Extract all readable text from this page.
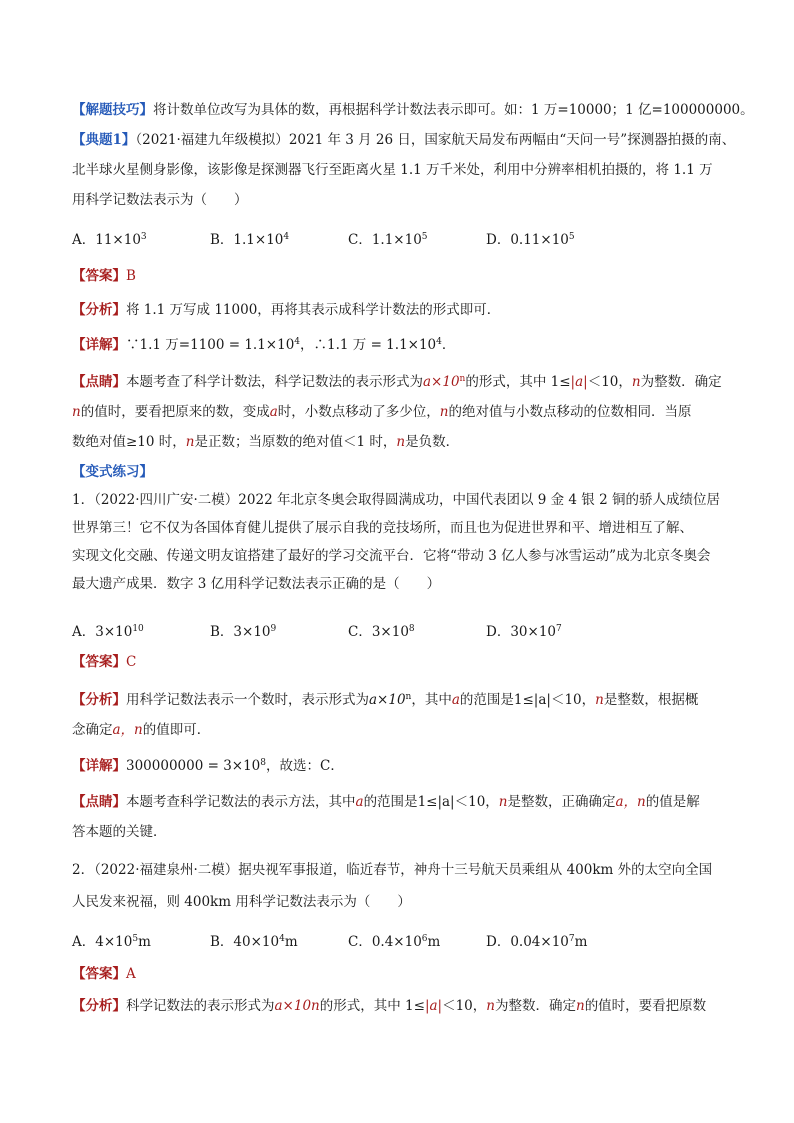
【解题技巧】将计数单位改写为具体的数，再根据科学计数法表示即可。如：1 万=10000；1 亿=100000000。
【典题1】（2021·福建九年级模拟）2021 年 3 月 26 日，国家航天局发布两幅由“天问一号”探测器拍摄的南、
北半球火星侧身影像，该影像是探测器飞行至距离火星 1.1 万千米处，利用中分辨率相机拍摄的，将 1.1 万
用科学记数法表示为（　　）
A．$11\times 10^3$	B．$1.1\times 10^4$	C．$1.1\times 10^5$	D．$0.11\times 10^5$
【答案】B
【分析】将 1.1 万写成 11000，再将其表示成科学计数法的形式即可．
【详解】∵1.1 万$=1100 = 1.1\times 10^4$，∴1.1 万 = $1.1\times 10^4$．
【点睛】本题考查了科学计数法，科学记数法的表示形式为$a\times 10^n$的形式，其中 1≤|a|＜10，n为整数．确定
n的值时，要看把原来的数，变成a时，小数点移动了多少位，n的绝对值与小数点移动的位数相同．当原
数绝对值≥10 时，n是正数；当原数的绝对值＜1 时，n是负数．
【变式练习】
1．（2022·四川广安·二模）2022 年北京冬奥会取得圆满成功，中国代表团以 9 金 4 银 2 铜的骄人成绩位居
世界第三！它不仅为各国体育健儿提供了展示自我的竞技场所，而且也为促进世界和平、增进相互了解、
实现文化交融、传递文明友谊搭建了最好的学习交流平台．它将“带动 3 亿人参与冰雪运动”成为北京冬奥会
最大遗产成果．数字 3 亿用科学记数法表示正确的是（　　）
A．$3\times 10^{10}$	B．$3\times 10^9$	C．$3\times 10^8$	D．$30\times 10^7$
【答案】C
【分析】用科学记数法表示一个数时，表示形式为$a\times 10^n$，其中a的范围是1≤|a|＜10，n是整数，根据概
念确定a，n的值即可．
【详解】$300000000 = 3\times 10^8$，故选：C．
【点睛】本题考查科学记数法的表示方法，其中a的范围是1≤|a|＜10，n是整数，正确确定a，n的值是解
答本题的关键．
2．（2022·福建泉州·二模）据央视军事报道，临近春节，神舟十三号航天员乘组从 400km 外的太空向全国
人民发来祝福，则 400km 用科学记数法表示为（　　）
A．$4\times 10^5m$	B．$40\times 10^4m$	C．$0.4\times 10^6m$	D．$0.04\times 10^7m$
【答案】A
【分析】科学记数法的表示形式为a×10n的形式，其中 1≤|a|＜10，n为整数．确定n的值时，要看把原数
